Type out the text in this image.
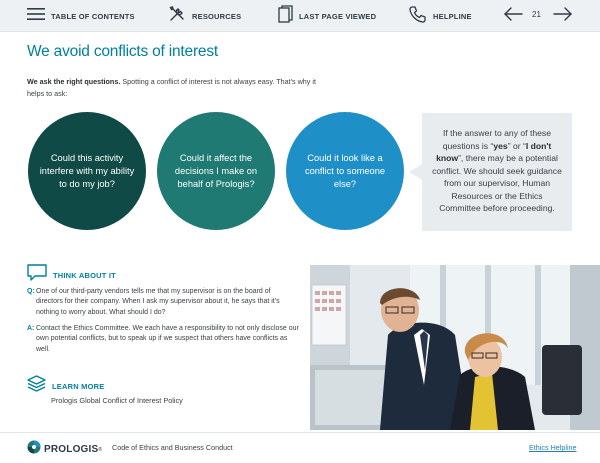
TABLE OF CONTENTS	RESOURCES	LAST PAGE VIEWED	HELPLINE	21
We avoid conflicts of interest

We ask the right questions. Spotting a conflict of interest is not always easy. That's why it helps to ask:

Could this activity interfere with my ability to do my job?
Could it affect the decisions I make on behalf of Prologis?
Could it look like a conflict to someone else?
If the answer to any of these questions is “yes” or “I don't know”, there may be a potential conflict. We should seek guidance from our supervisor, Human Resources or the Ethics Committee before proceeding.
THINK ABOUT IT
Q: One of our third-party vendors tells me that my supervisor is on the board of directors for their company. When I ask my supervisor about it, he says that it's nothing to worry about. What should I do?
A: Contact the Ethics Committee. We each have a responsibility to not only disclose our own potential conflicts, but to speak up if we suspect that others have conflicts as well.
LEARN MORE
Prologis Global Conflict of Interest Policy
PROLOGIS ® Code of Ethics and Business Conduct	Ethics Helpline
